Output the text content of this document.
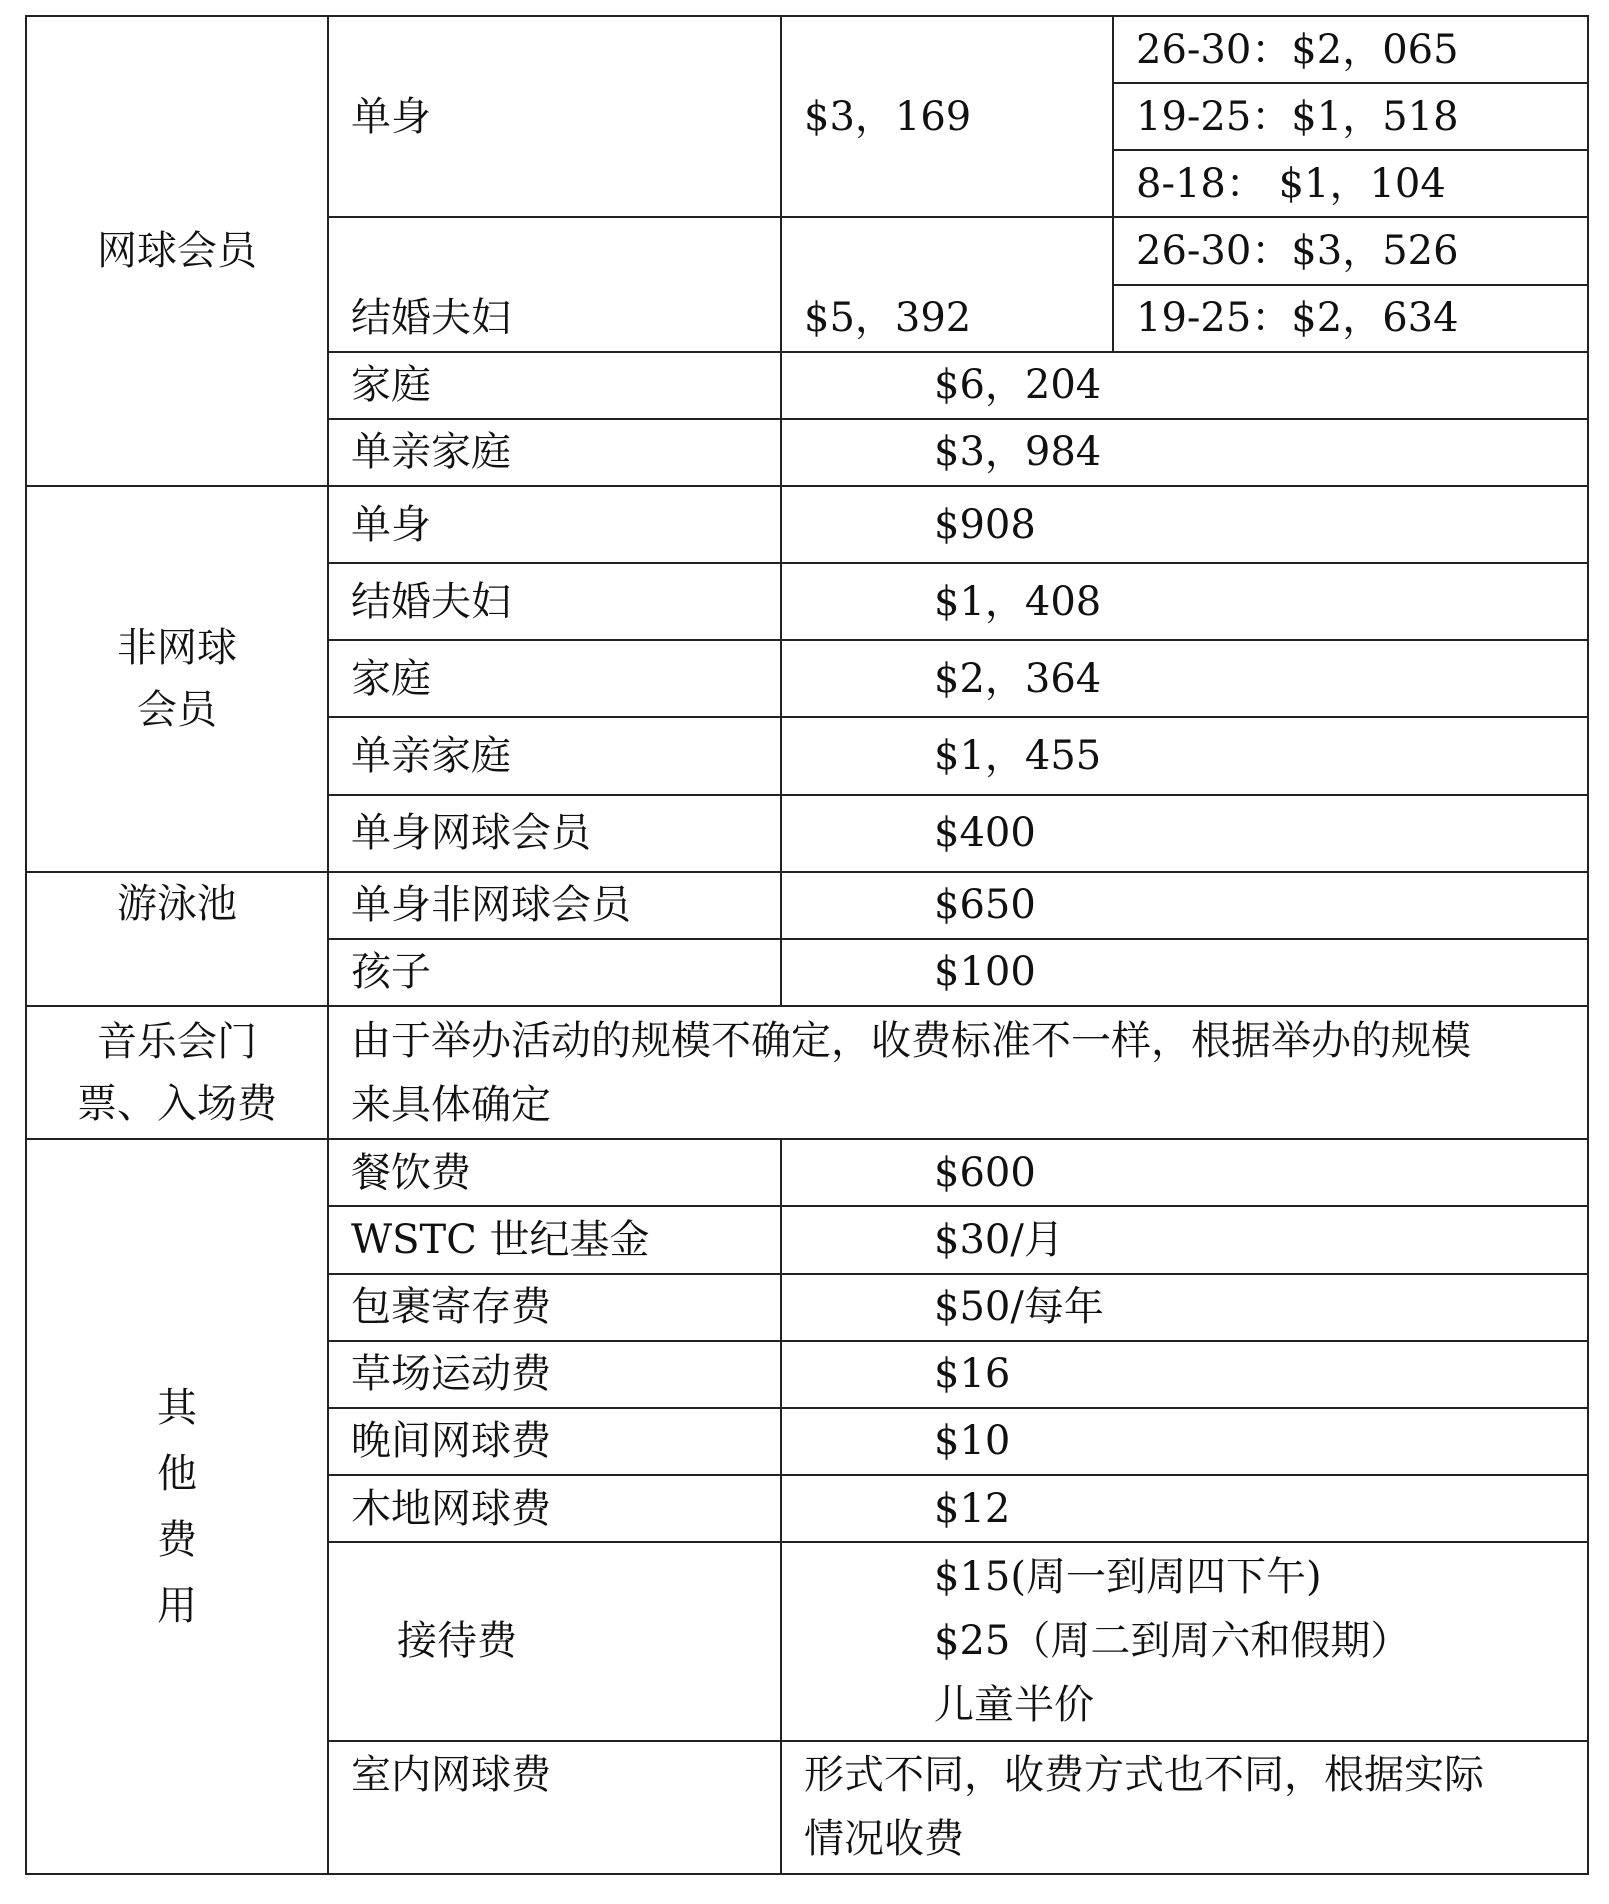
网球会员	单身	$3，169	26-30：$2，065
			19-25：$1，518
			8-18： $1，104
	结婚夫妇	$5，392	26-30：$3，526
			19-25：$2，634
	家庭	$6，204	
	单亲家庭	$3，984	

非网球
会员	单身	$908	
	结婚夫妇	$1，408	
	家庭	$2，364	
	单亲家庭	$1，455	
	单身网球会员	$400	
游泳池	单身非网球会员	$650	
	孩子	$100	

音乐会门
票、入场费	由于举办活动的规模不确定，收费标准不一样，根据举办的规模
来具体确定		

其
他
费
用	餐饮费	$600	
	WSTC 世纪基金	$30/月	
	包裹寄存费	$50/每年	
	草场运动费	$16	
	晚间网球费	$10	
	木地网球费	$12	
	接待费	$15(周一到周四下午)
$25（周二到周六和假期）
儿童半价	

	室内网球费	形式不同，收费方式也不同，根据实际
情况收费	
